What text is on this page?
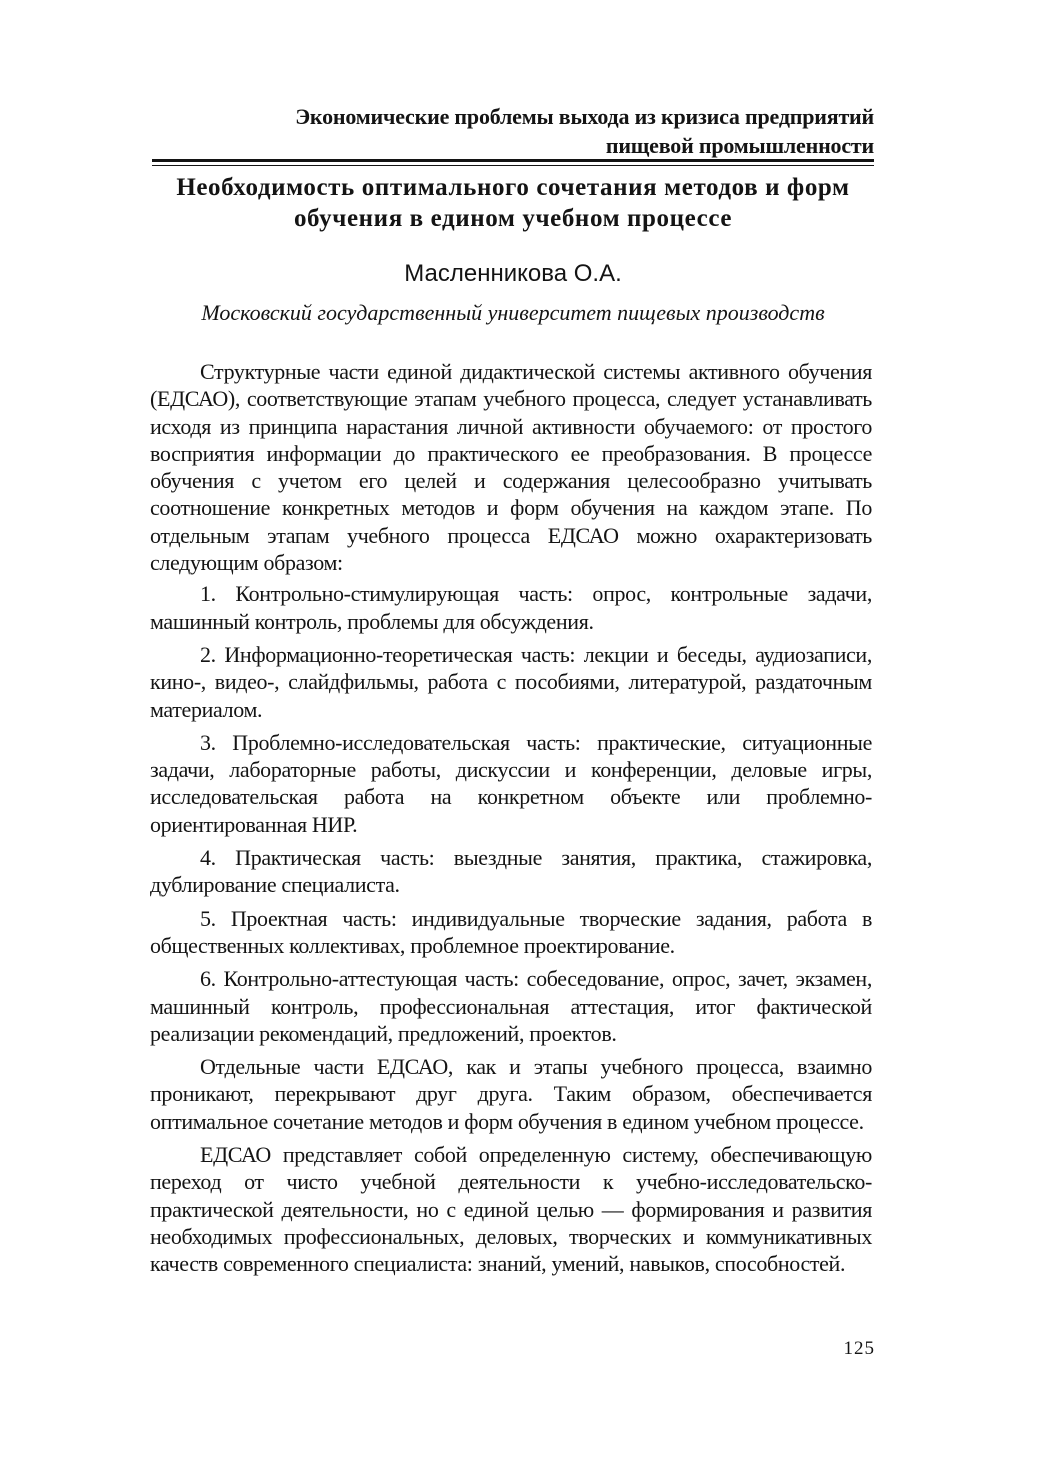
Экономические проблемы выхода из кризиса предприятий
пищевой промышленности
Необходимость оптимального сочетания методов и форм
обучения в едином учебном процессе
Масленникова О.А.
Московский государственный университет пищевых производств

Структурные части единой дидактической системы активного обучения (ЕДСАО), соответствующие этапам учебного процесса, следует устанавливать исходя из принципа нарастания личной активности обучаемого: от простого восприятия информации до практического ее преобразования. В процессе обучения с учетом его целей и содержания целесообразно учитывать соотношение конкретных методов и форм обучения на каждом этапе. По отдельным этапам учебного процесса ЕДСАО можно охарактеризовать следующим образом:

1. Контрольно-стимулирующая часть: опрос, контрольные задачи, машинный контроль, проблемы для обсуждения.

2. Информационно-теоретическая часть: лекции и беседы, аудиозаписи, кино-, видео-, слайдфильмы, работа с пособиями, литературой, раздаточным материалом.

3. Проблемно-исследовательская часть: практические, ситуационные задачи, лабораторные работы, дискуссии и конференции, деловые игры, исследовательская работа на конкретном объекте или проблемно-ориентированная НИР.

4. Практическая часть: выездные занятия, практика, стажировка, дублирование специалиста.

5. Проектная часть: индивидуальные творческие задания, работа в общественных коллективах, проблемное проектирование.

6. Контрольно-аттестующая часть: собеседование, опрос, зачет, экзамен, машинный контроль, профессиональная аттестация, итог фактической реализации рекомендаций, предложений, проектов.

Отдельные части ЕДСАО, как и этапы учебного процесса, взаимно проникают, перекрывают друг друга. Таким образом, обеспечивается оптимальное сочетание методов и форм обучения в едином учебном процессе.

ЕДСАО представляет собой определенную систему, обеспечивающую переход от чисто учебной деятельности к учебно-исследовательско-практической деятельности, но с единой целью — формирования и развития необходимых профессиональных, деловых, творческих и коммуникативных качеств современного специалиста: знаний, умений, навыков, способностей.

125
